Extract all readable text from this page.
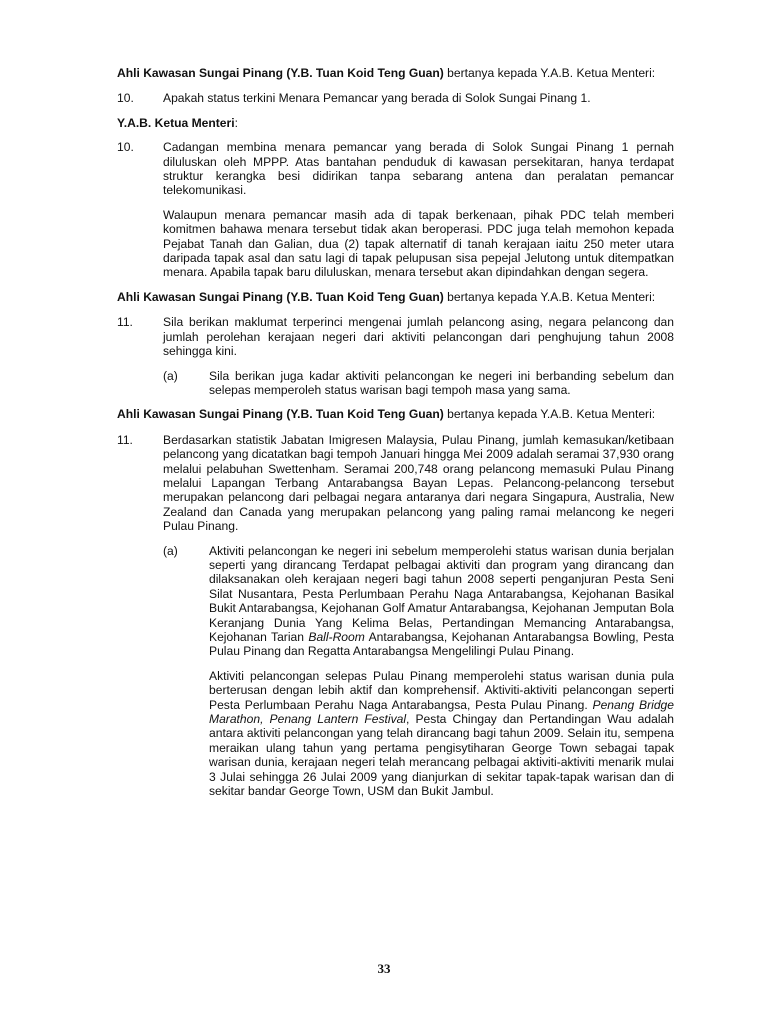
Ahli Kawasan Sungai Pinang (Y.B. Tuan Koid Teng Guan) bertanya kepada Y.A.B. Ketua Menteri:

10.	Apakah status terkini Menara Pemancar yang berada di Solok Sungai Pinang 1.

Y.A.B. Ketua Menteri:

10.	Cadangan membina menara pemancar yang berada di Solok Sungai Pinang 1 pernah diluluskan oleh MPPP. Atas bantahan penduduk di kawasan persekitaran, hanya terdapat struktur kerangka besi didirikan tanpa sebarang antena dan peralatan pemancar telekomunikasi.

Walaupun menara pemancar masih ada di tapak berkenaan, pihak PDC telah memberi komitmen bahawa menara tersebut tidak akan beroperasi. PDC juga telah memohon kepada Pejabat Tanah dan Galian, dua (2) tapak alternatif di tanah kerajaan iaitu 250 meter utara daripada tapak asal dan satu lagi di tapak pelupusan sisa pepejal Jelutong untuk ditempatkan menara. Apabila tapak baru diluluskan, menara tersebut akan dipindahkan dengan segera.

Ahli Kawasan Sungai Pinang (Y.B. Tuan Koid Teng Guan) bertanya kepada Y.A.B. Ketua Menteri:

11.	Sila berikan maklumat terperinci mengenai jumlah pelancong asing, negara pelancong dan jumlah perolehan kerajaan negeri dari aktiviti pelancongan dari penghujung tahun 2008 sehingga kini.

(a)	Sila berikan juga kadar aktiviti pelancongan ke negeri ini berbanding sebelum dan selepas memperoleh status warisan bagi tempoh masa yang sama.

Ahli Kawasan Sungai Pinang (Y.B. Tuan Koid Teng Guan) bertanya kepada Y.A.B. Ketua Menteri:

11.	Berdasarkan statistik Jabatan Imigresen Malaysia, Pulau Pinang, jumlah kemasukan/ketibaan pelancong yang dicatatkan bagi tempoh Januari hingga Mei 2009 adalah seramai 37,930 orang melalui pelabuhan Swettenham. Seramai 200,748 orang pelancong memasuki Pulau Pinang melalui Lapangan Terbang Antarabangsa Bayan Lepas. Pelancong-pelancong tersebut merupakan pelancong dari pelbagai negara antaranya dari negara Singapura, Australia, New Zealand dan Canada yang merupakan pelancong yang paling ramai melancong ke negeri Pulau Pinang.

(a)	Aktiviti pelancongan ke negeri ini sebelum memperolehi status warisan dunia berjalan seperti yang dirancang Terdapat pelbagai aktiviti dan program yang dirancang dan dilaksanakan oleh kerajaan negeri bagi tahun 2008 seperti penganjuran Pesta Seni Silat Nusantara, Pesta Perlumbaan Perahu Naga Antarabangsa, Kejohanan Basikal Bukit Antarabangsa, Kejohanan Golf Amatur Antarabangsa, Kejohanan Jemputan Bola Keranjang Dunia Yang Kelima Belas, Pertandingan Memancing Antarabangsa, Kejohanan Tarian Ball-Room Antarabangsa, Kejohanan Antarabangsa Bowling, Pesta Pulau Pinang dan Regatta Antarabangsa Mengelilingi Pulau Pinang.

Aktiviti pelancongan selepas Pulau Pinang memperolehi status warisan dunia pula berterusan dengan lebih aktif dan komprehensif. Aktiviti-aktiviti pelancongan seperti Pesta Perlumbaan Perahu Naga Antarabangsa, Pesta Pulau Pinang. Penang Bridge Marathon, Penang Lantern Festival, Pesta Chingay dan Pertandingan Wau adalah antara aktiviti pelancongan yang telah dirancang bagi tahun 2009. Selain itu, sempena meraikan ulang tahun yang pertama pengisytiharan George Town sebagai tapak warisan dunia, kerajaan negeri telah merancang pelbagai aktiviti-aktiviti menarik mulai 3 Julai sehingga 26 Julai 2009 yang dianjurkan di sekitar tapak-tapak warisan dan di sekitar bandar George Town, USM dan Bukit Jambul.

33
